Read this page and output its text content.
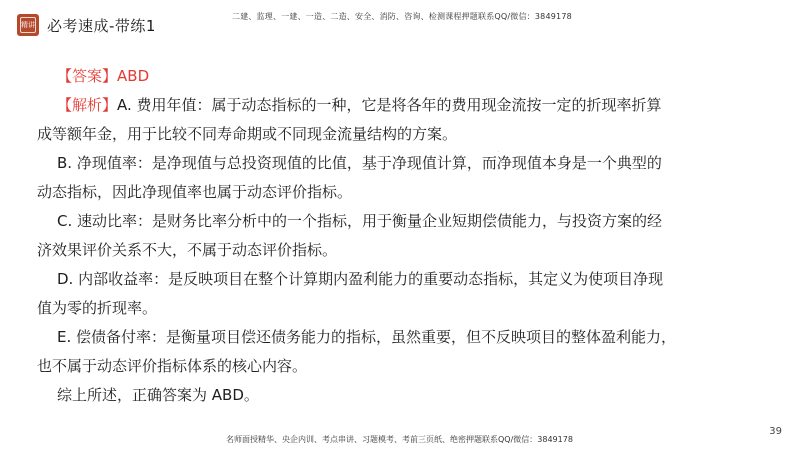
精讲 必考速成-带练1
二建、监理、一建、一造、二造、安全、消防、咨询、检测课程押题联系QQ/微信：3849178
【答案】ABD
【解析】A. 费用年值：属于动态指标的一种，它是将各年的费用现金流按一定的折现率折算
成等额年金，用于比较不同寿命期或不同现金流量结构的方案。
B. 净现值率：是净现值与总投资现值的比值，基于净现值计算，而净现值本身是一个典型的
动态指标，因此净现值率也属于动态评价指标。
C. 速动比率：是财务比率分析中的一个指标，用于衡量企业短期偿债能力，与投资方案的经
济效果评价关系不大，不属于动态评价指标。
D. 内部收益率：是反映项目在整个计算期内盈利能力的重要动态指标，其定义为使项目净现
值为零的折现率。
E. 偿债备付率：是衡量项目偿还债务能力的指标，虽然重要，但不反映项目的整体盈利能力，
也不属于动态评价指标体系的核心内容。
综上所述，正确答案为 ABD。
·
39
名师面授精华、央企内训、考点串讲、习题模考、考前三页纸、绝密押题联系QQ/微信：3849178
